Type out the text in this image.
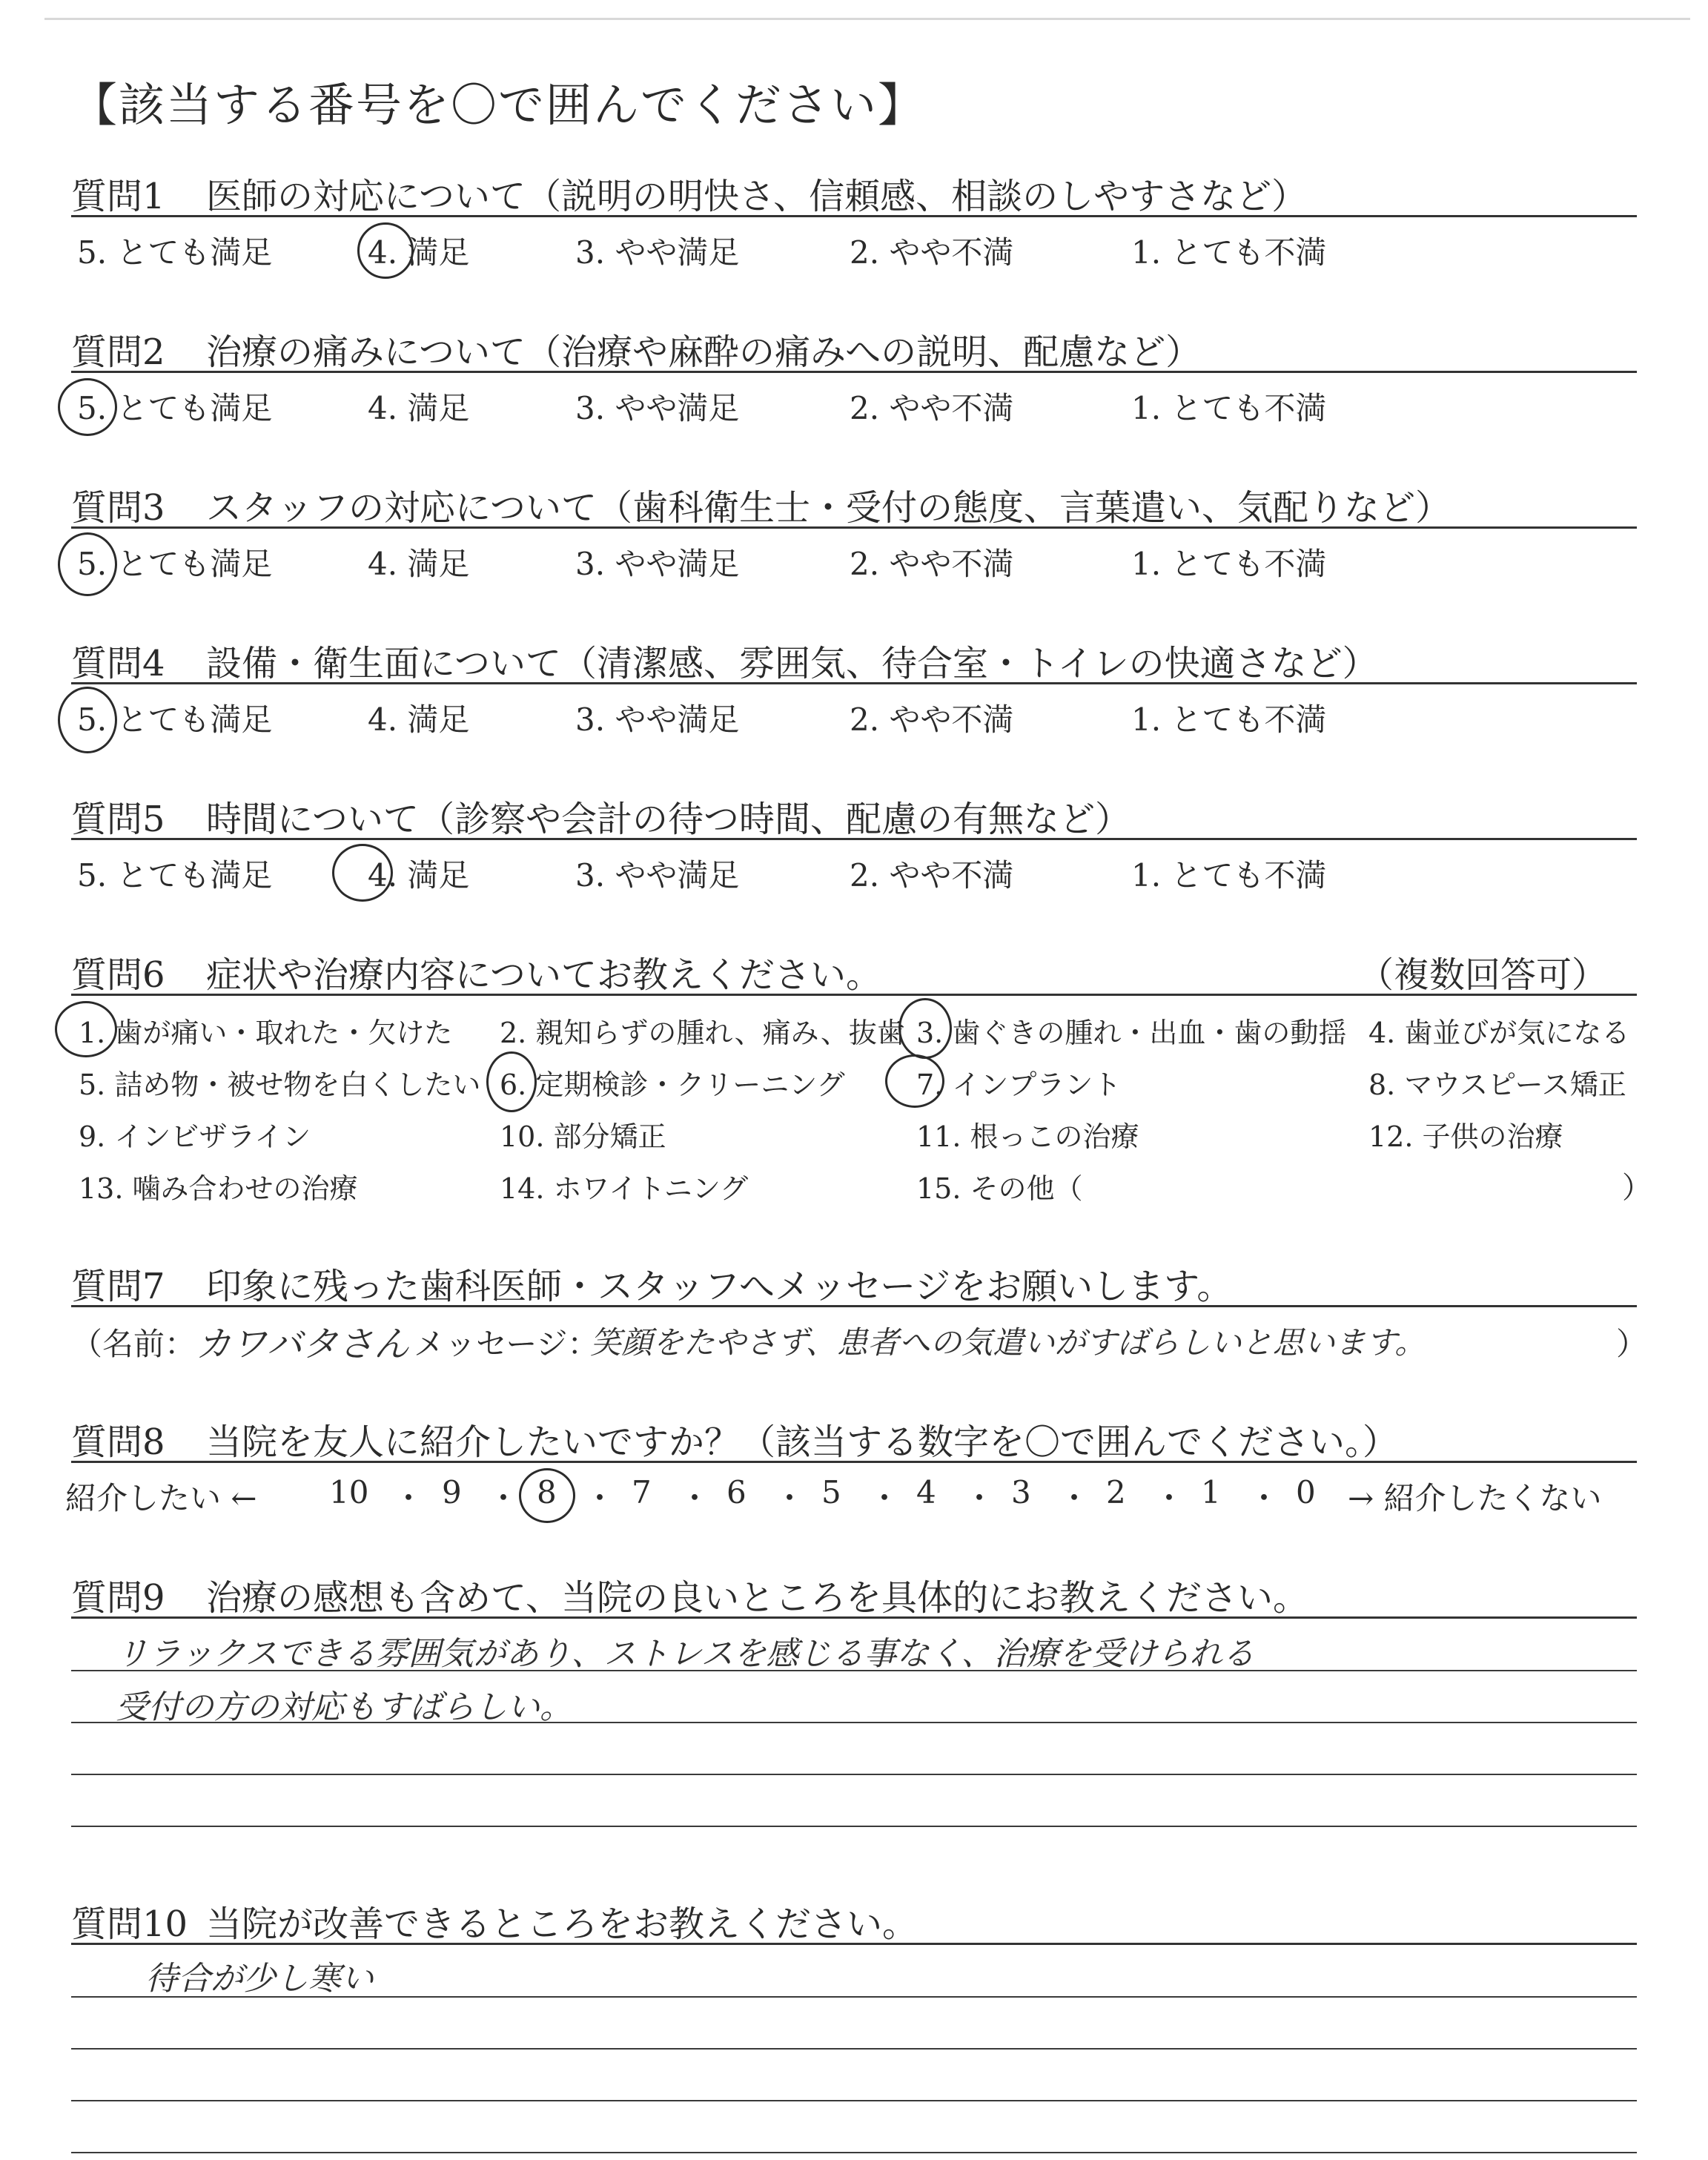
【該当する番号を〇で囲んでください】
質問1 医師の対応について（説明の明快さ、信頼感、相談のしやすさなど）
5. とても満足	4. 満足	3. やや満足	2. やや不満	1. とても不満
質問2 治療の痛みについて（治療や麻酔の痛みへの説明、配慮など）
5. とても満足	4. 満足	3. やや満足	2. やや不満	1. とても不満
質問3 スタッフの対応について（歯科衛生士・受付の態度、言葉遣い、気配りなど）
5. とても満足	4. 満足	3. やや満足	2. やや不満	1. とても不満
質問4 設備・衛生面について（清潔感、雰囲気、待合室・トイレの快適さなど）
5. とても満足	4. 満足	3. やや満足	2. やや不満	1. とても不満
質問5 時間について（診察や会計の待つ時間、配慮の有無など）
5. とても満足	4. 満足	3. やや満足	2. やや不満	1. とても不満
質問6 症状や治療内容についてお教えください。	（複数回答可）
1. 歯が痛い・取れた・欠けた 2. 親知らずの腫れ、痛み、抜歯 3. 歯ぐきの腫れ・出血・歯の動揺 4. 歯並びが気になる
5. 詰め物・被せ物を白くしたい 6. 定期検診・クリーニング	7. インプラント	8. マウスピース矯正
9. インビザライン	10. 部分矯正	11. 根っこの治療	12. 子供の治療
13. 噛み合わせの治療	14. ホワイトニング	15. その他（	）
質問7 印象に残った歯科医師・スタッフへメッセージをお願いします。
（名前： カワバタさん メッセージ：
笑顔をたやさず、患者への気遣いがすばらしいと思います。	）
質問8 当院を友人に紹介したいですか？（該当する数字を〇で囲んでください。）
紹介したい ← 10 ・ 9 ・ 8 ・ 7 ・ 6 ・ 5 ・ 4 ・ 3 ・ 2 ・ 1 ・ 0 → 紹介したくない
質問9 治療の感想も含めて、当院の良いところを具体的にお教えください。
リラックスできる雰囲気があり、ストレスを感じる事なく、治療を受けられる
受付の方の対応もすばらしい。
質問10 当院が改善できるところをお教えください。
待合が少し寒い
